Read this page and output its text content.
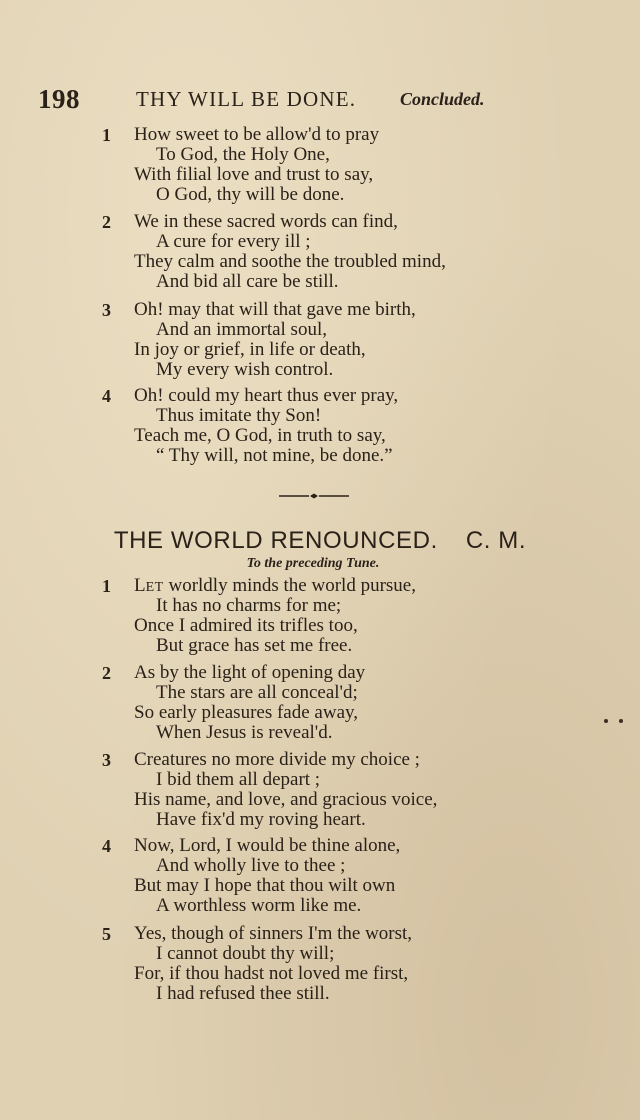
198	THY WILL BE DONE. Concluded.
1	How sweet to be allow'd to pray
To God, the Holy One,
With filial love and trust to say,
O God, thy will be done.
2	We in these sacred words can find,
A cure for every ill ;
They calm and soothe the troubled mind,
And bid all care be still.
3	Oh! may that will that gave me birth,
And an immortal soul,
In joy or grief, in life or death,
My every wish control.
4	Oh! could my heart thus ever pray,
Thus imitate thy Son!
Teach me, O God, in truth to say,
“ Thy will, not mine, be done.”
THE WORLD RENOUNCED. C. M.
To the preceding Tune.
1	LET worldly minds the world pursue,
It has no charms for me;
Once I admired its trifles too,
But grace has set me free.
2	As by the light of opening day
The stars are all conceal'd;
So early pleasures fade away,
When Jesus is reveal'd.
3	Creatures no more divide my choice ;
I bid them all depart ;
His name, and love, and gracious voice,
Have fix'd my roving heart.
4	Now, Lord, I would be thine alone,
And wholly live to thee ;
But may I hope that thou wilt own
A worthless worm like me.
5	Yes, though of sinners I'm the worst,
I cannot doubt thy will;
For, if thou hadst not loved me first,
I had refused thee still.
